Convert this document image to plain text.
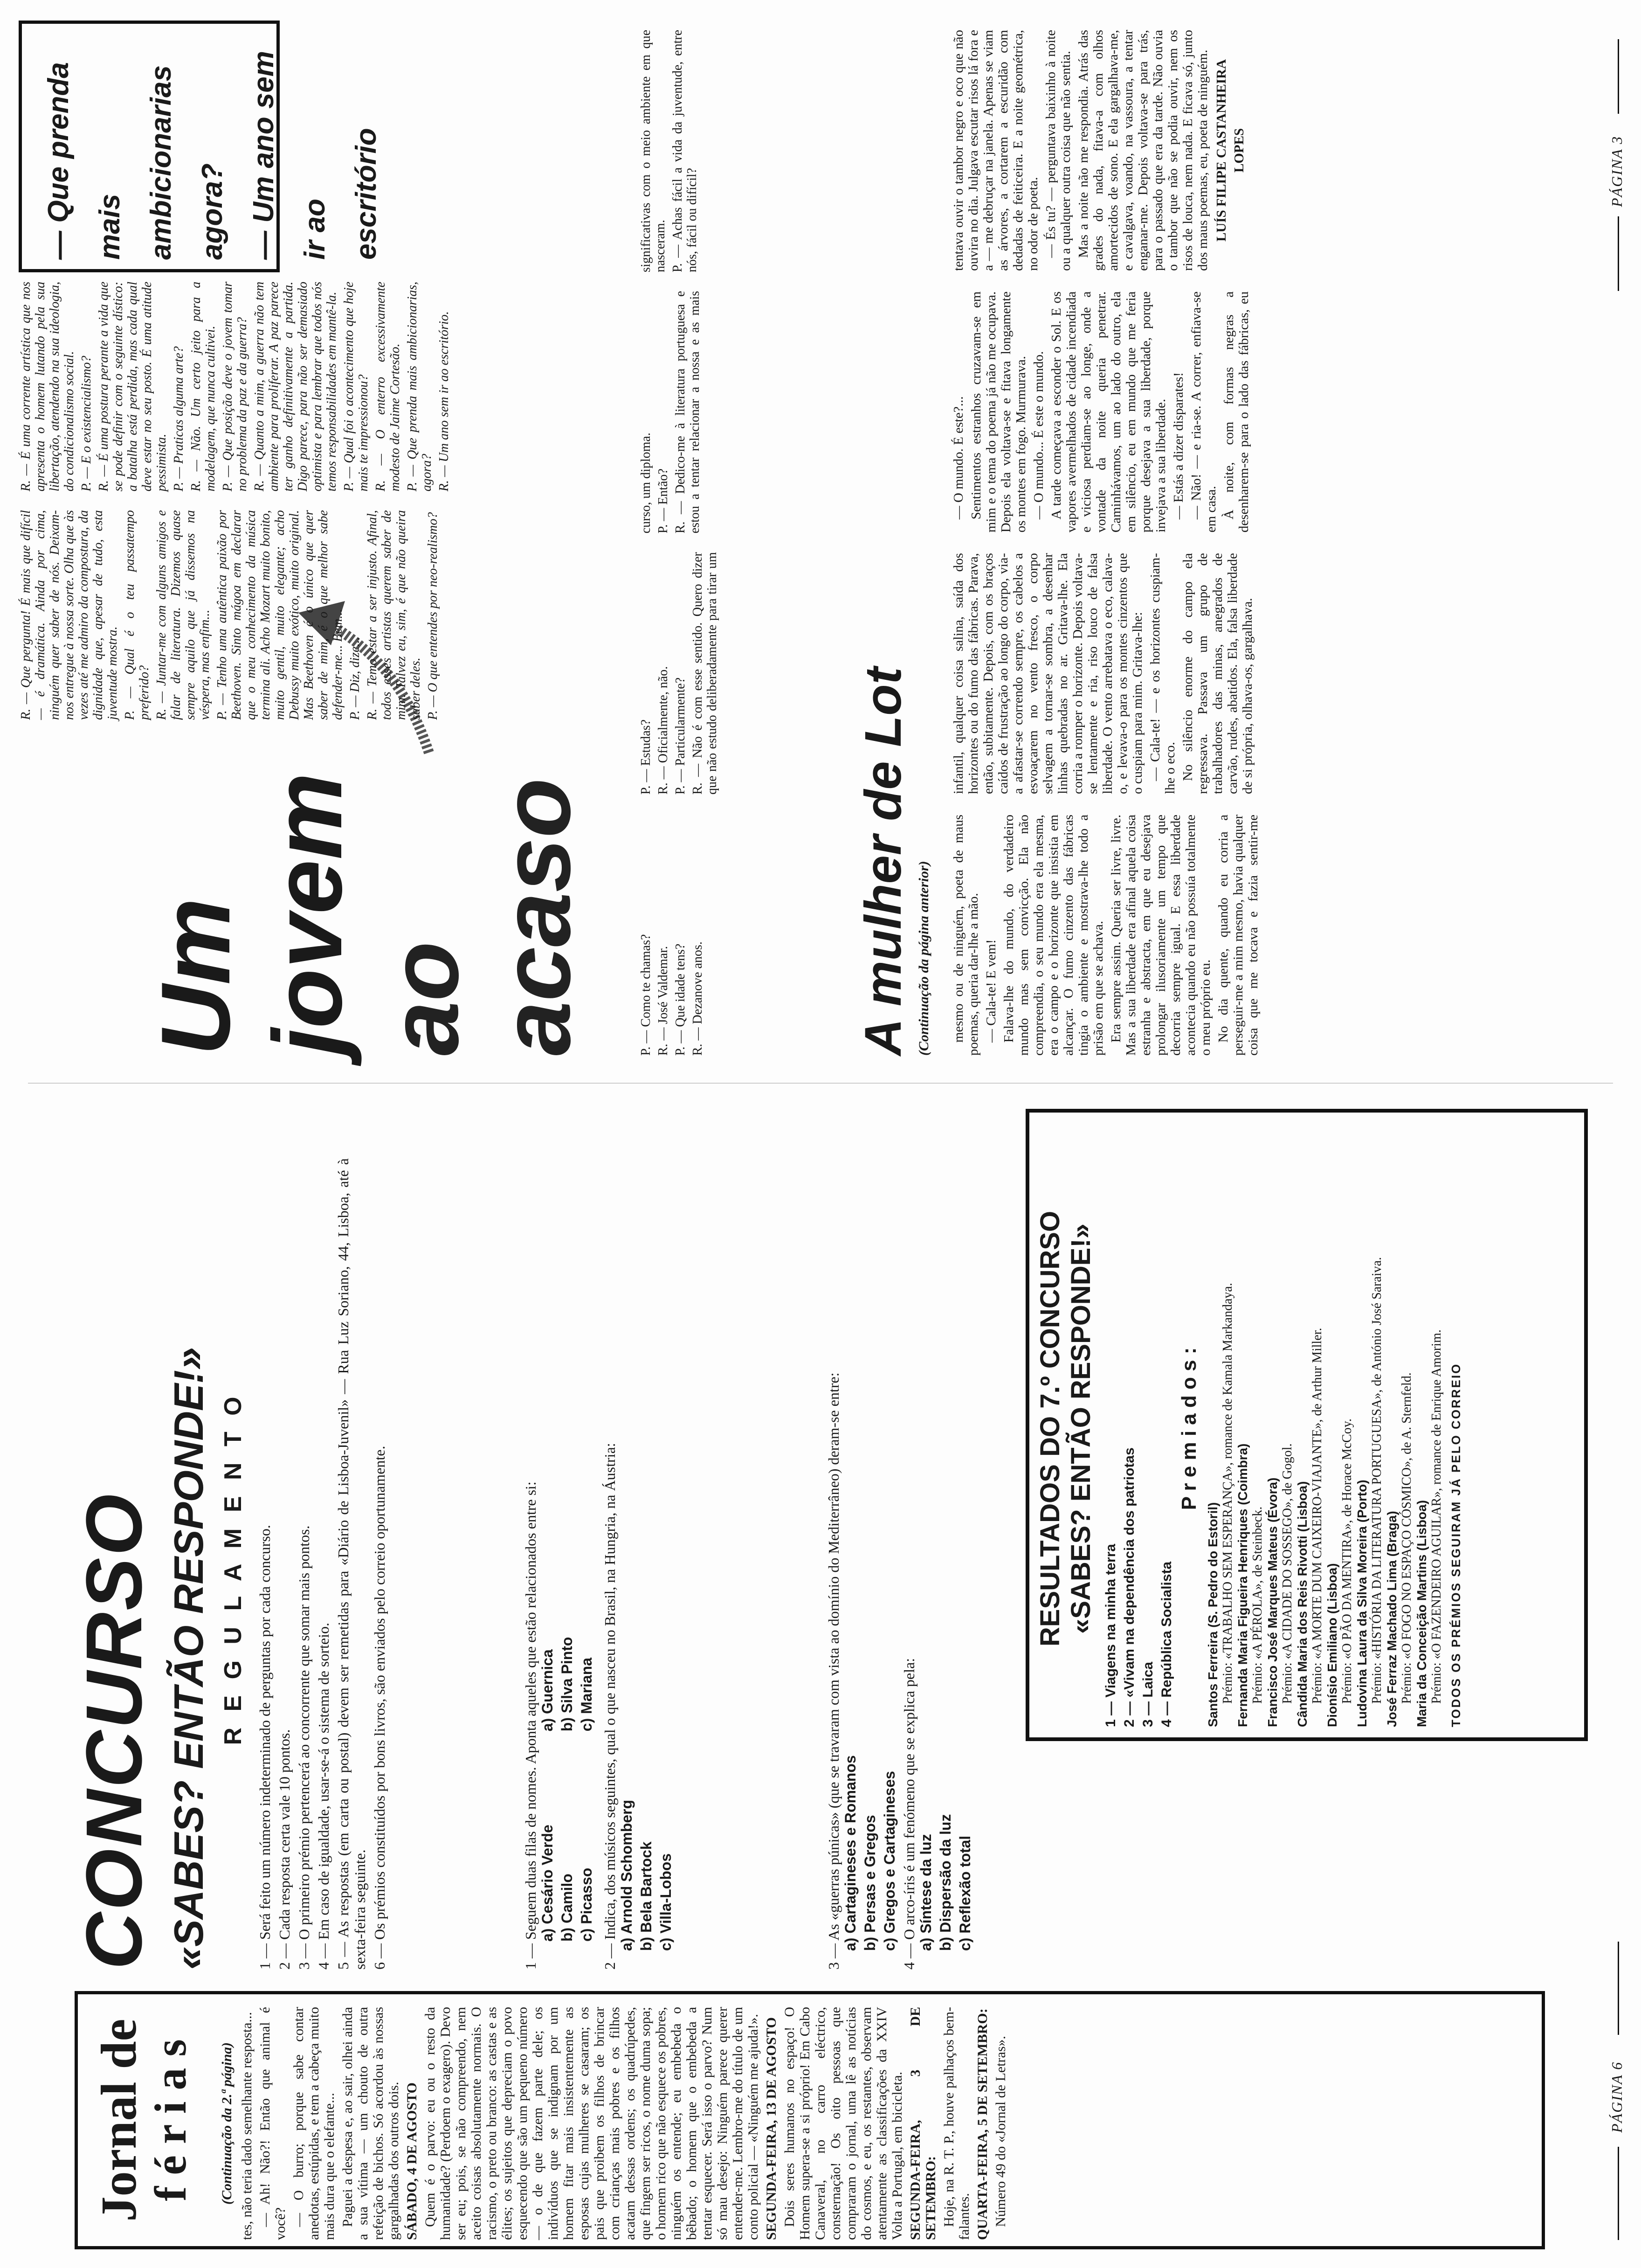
Jornal de
f é r i a s (Continuação da 2.ª página) tes, não teria dado semelhante resposta... — Ah! Não?! Então que animal é você? — O burro; porque sabe contar anedotas, estúpidas, e tem a cabeça muito mais dura que o elefante... Paguei a despesa e, ao sair, olhei ainda a sua vítima — um chouto de outra refeição de bichos. Só acordou às nossas gargalhadas dos outros dois. SÁBADO, 4 DE AGOSTO Quem é o parvo: eu ou o resto da humanidade? (Perdoem o exagero). Devo ser eu; pois, se não compreendo, nem aceito coisas absolutamente normais. O racismo, o preto ou branco: as castas e as élites; os sujeitos que depreciam o povo esquecendo que são um pequeno número — o de que fazem parte dele; os indivíduos que se indignam por um homem fitar mais insistentemente as esposas cujas mulheres se casaram; os pais que proibem os filhos de brincar com crianças mais pobres e os filhos acatam dessas ordens; os quadrúpedes, que fingem ser ricos, o nome duma sopa; o homem rico que não esquece os pobres, ninguém os entende; eu embebeda o bêbado; o homem que o embebeda a tentar esquecer. Será isso o parvo? Num só mau desejo: Ninguém parece querer entender-me. Lembro-me do título de um conto policial — «Ninguém me ajuda!». SEGUNDA-FEIRA, 13 DE AGOSTO Dois seres humanos no espaço! O Homem supera-se a si próprio! Em Cabo Canaveral, no carro eléctrico, consternação! Os oito pessoas que compraram o jornal, uma lê as notícias do cosmos, e eu, os restantes, observam atentamente as classificações da XXIV Volta a Portugal, em bicicleta. SEGUNDA-FEIRA, 3 DE SETEMBRO: Hoje, na R. T. P., houve palhaços bem-falantes. QUARTA-FEIRA, 5 DE SETEMBRO: Número 49 do «Jornal de Letras».

CONCURSO «SABES? ENTÃO RESPONDE!» R E G U L A M E N T O 1 — Será feito um número indeterminado de perguntas por cada concurso. 2 — Cada resposta certa vale 10 pontos. 3 — O primeiro prémio pertencerá ao concorrente que somar mais pontos. 4 — Em caso de igualdade, usar-se-á o sistema de sorteio. 5 — As respostas (em carta ou postal) devem ser remetidas para «Diário de Lisboa-Juvenil» — Rua Luz Soriano, 44, Lisboa, até à sexta-feira seguinte. 6 — Os prémios constituídos por bons livros, são enviados pelo correio oportunamente.	1 — Seguem duas filas de nomes. Aponta aqueles que estão relacionados entre si: a) Cesário Verde b) Camilo c) Picasso
a) Guernica b) Silva Pinto c) Mariana 2 — Indica, dos músicos seguintes, qual o que nasceu no Brasil, na Hungria, na Áustria: a) Arnold Schomberg b) Bela Bartock c) Villa-Lobos	3 — As «guerras púnicas» (que se travaram com vista ao domínio do Mediterrâneo) deram-se entre: a) Cartagineses e Romanos b) Persas e Gregos c) Gregos e Cartagineses 4 — O arco-íris é um fenómeno que se explica pela: a) Síntese da luz b) Dispersão da luz c) Reflexão total
RESULTADOS DO 7.º CONCURSO «SABES? ENTÃO RESPONDE!»
1 — Viagens na minha terra 2 — «Vivam na dependência dos patriotas 3 — Laica 4 — República Socialista
P r e m i a d o s :
Santos Ferreira (S. Pedro do Estoril) Prémio: «TRABALHO SEM ESPERANÇA», romance de Kamala Markandaya. Fernanda Maria Figueira Henriques (Coimbra) Prémio: «A PÉROLA», de Steinbeck. Francisco José Marques Mateus (Évora) Prémio: «A CIDADE DO SOSSEGO», de Gogol. Cândida Maria dos Reis Rivotti (Lisboa) Prémio: «A MORTE DUM CAIXEIRO-VIAJANTE», de Arthur Miller. Dionísio Emiliano (Lisboa) Prémio: «O PÃO DA MENTIRA», de Horace McCoy. Ludovina Laura da Silva Moreira (Porto) Prémio: «HISTÓRIA DA LITERATURA PORTUGUESA», de António José Saraiva. José Ferraz Machado Lima (Braga) Prémio: «O FOGO NO ESPAÇO CÓSMICO», de A. Sternfeld. Maria da Conceição Martins (Lisboa) Prémio: «O FAZENDEIRO AGUILAR», romance de Enrique Amorim. TODOS OS PRÉMIOS SEGUIRAM JÁ PELO CORREIO
PÁGINA 6
Um jovem ao acaso
— Que prenda mais ambicionarias agora? — Um ano sem ir ao escritório

P. — Como te chamas? R. — José Valdemar. P. — Que idade tens? R. — Dezanove anos.

P. — Estudas? R. — Oficialmente, não. P. — Particularmente? R. — Não é com esse sentido. Quero dizer que não estudo deliberadamente para tirar um curso, um diploma. P. — Então? R. — Dedico-me à literatura portuguesa e estou a tentar relacionar a nossa e as mais significativas com o meio ambiente em que nasceram. P. — Achas fácil a vida da juventude, entre nós, fácil ou difícil?

R. — Que pergunta! É mais que difícil — é dramática. Ainda por cima, ninguém quer saber de nós. Deixam-nos entregue à nossa sorte. Olha que às vezes até me admiro da compostura, da dignidade que, apesar de tudo, esta juventude mostra. P. — Qual é o teu passatempo preferido? R. — Juntar-me com alguns amigos e falar de literatura. Dizemos quase sempre aquilo que já dissemos na véspera, mas enfim... P. — Tenho uma autêntica paixão por Beethoven. Sinto mágoa em declarar que o meu conhecimento da música termina ali. Acho Mozart muito bonito, muito gentil, muito elegante; acho Debussy muito exótico, muito original. Mas Beethoven é o único que quer saber de mim, é o que melhor sabe defender-me... Bem... P. — Diz, dize... R. — Temo estar a ser injusto. Afinal, todos esses artistas querem saber de mim. Talvez eu, sim, é que não queira saber deles. P. — O que entendes por neo-realismo?

R. — É uma corrente artística que nos apresenta o homem lutando pela sua libertação, atendendo na sua ideologia, do condicionalismo social. P. — E o existencialismo? R. — É uma postura perante a vida que se pode definir com o seguinte dístico: a batalha está perdida, mas cada qual deve estar no seu posto. É uma atitude pessimista. P. — Praticas alguma arte? R. — Não. Um certo jeito para a modelagem, que nunca cultivei. P. — Que posição deve o jovem tomar no problema da paz e da guerra? R. — Quanto a mim, a guerra não tem ambiente para proliferar. A paz parece ter ganho definitivamente a partida. Digo parece, para não ser demasiado optimista e para lembrar que todos nós temos responsabilidades em mantê-la. P. — Qual foi o acontecimento que hoje mais te impressionou? R. — O enterro excessivamente modesto de Jaime Cortesão. P. — Que prenda mais ambicionarias, agora? R. — Um ano sem ir ao escritório.

A mulher de Lot (Continuação da página anterior)	mesmo ou de ninguém, poeta de maus poemas, queria dar-lhe a mão. — Cala-te! E vem! Falava-lhe do mundo, do verdadeiro mundo mas sem convicção. Ela não compreendia, o seu mundo era ela mesma, era o campo e o horizonte que insistia em alcançar. O fumo cinzento das fábricas tingia o ambiente e mostrava-lhe todo a prisão em que se achava. Era sempre assim. Queria ser livre, livre. Mas a sua liberdade era afinal aquela coisa estranha e abstracta, em que eu desejava prolongar ilusoriamente um tempo que decorria sempre igual. E essa liberdade acontecia quando eu não possuía totalmente o meu próprio eu. No dia quente, quando eu corria a perseguir-me a mim mesmo, havia qualquer coisa que me tocava e fazia sentir-me infantil, qualquer coisa salina, saída dos horizontes ou do fumo das fábricas. Parava, então, subitamente. Depois, com os braços caídos de frustração ao longo do corpo, via-a afastar-se correndo sempre, os cabelos a esvoaçarem no vento fresco, o corpo selvagem a tornar-se sombra, a desenhar linhas quebradas no ar. Gritava-lhe. Ela corria a romper o horizonte. Depois voltava-se lentamente e ria, riso louco de falsa liberdade. O vento arrebatava o eco, calava-o, e levava-o para os montes cinzentos que o cuspiam para mim. Gritava-lhe: — Cala-te! — e os horizontes cuspiam-lhe o eco. No silêncio enorme do campo ela regressava. Passava um grupo de trabalhadores das minas, anegrados de carvão, rudes, abatidos. Ela, falsa liberdade de si própria, olhava-os, gargalhava.

— O mundo. É este?... Sentimentos estranhos cruzavam-se em mim e o tema do poema já não me ocupava. Depois ela voltava-se e fitava longamente os montes em fogo. Murmurava. — O mundo... É este o mundo. A tarde começava a esconder o Sol. E os vapores avermelhados de cidade incendiada e viciosa perdiam-se ao longe, onde a vontade da noite queria penetrar. Caminhávamos, um ao lado do outro, ela em silêncio, eu em mundo que me feria porque desejava a sua liberdade, porque invejava a sua liberdade. — Estás a dizer disparates! — Não! — e ria-se. A correr, enfiava-se em casa. À noite, com formas negras a desenharem-se para o lado das fábricas, eu tentava ouvir o tambor negro e oco que não ouvira no dia. Julgava escutar risos lá fora e a — me debruçar na janela. Apenas se viam as árvores, a cortarem a escuridão com dedadas de feiticeira. E a noite geométrica, no odor de poeta. — És tu? — perguntava baixinho à noite ou a qualquer outra coisa que não sentia. Mas a noite não me respondia. Atrás das grades do nada, fitava-a com olhos amortecidos de sono. E ela gargalhava-me, e cavalgava, voando, na vassoura, a tentar enganar-me. Depois voltava-se para trás, para o passado que era da tarde. Não ouvia o tambor que não se podia ouvir, nem os risos de louca, nem nada. E ficava só, junto dos maus poemas, eu, poeta de ninguém. LUÍS FILIPE CASTANHEIRA LOPES	PÁGINA 3
